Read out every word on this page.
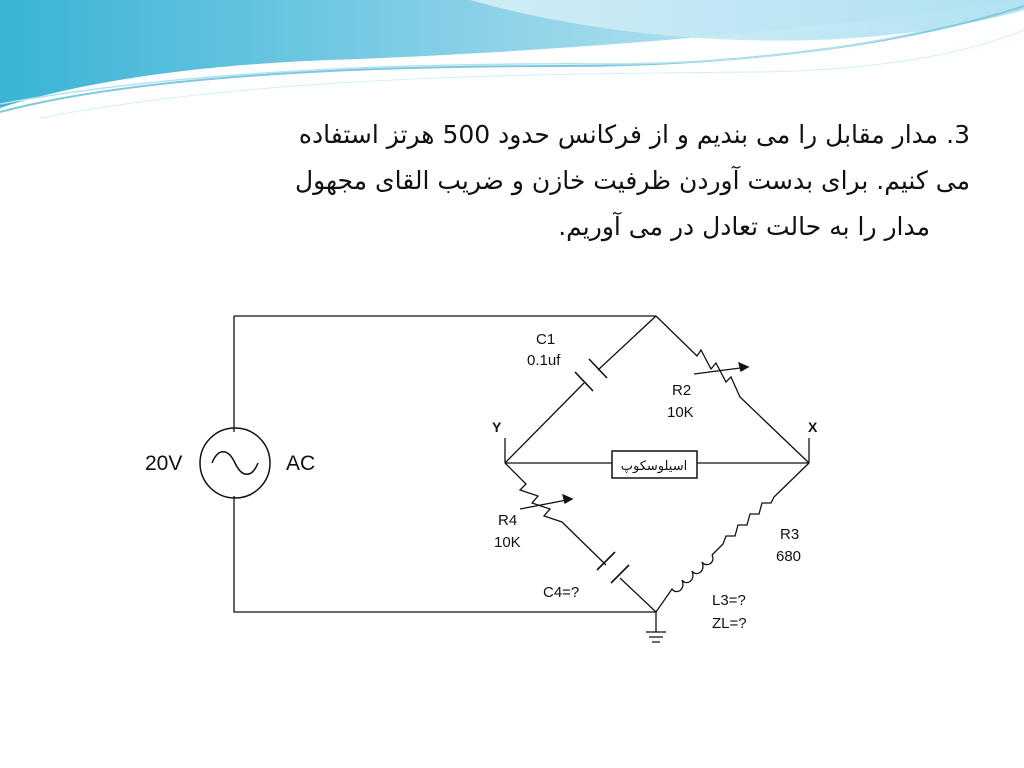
3. مدار مقابل را می بندیم و از فرکانس حدود 500 هرتز استفاده
می کنیم. برای بدست آوردن ظرفیت خازن و ضریب القای مجهول
مدار را به حالت تعادل در می آوریم.
20V	AC
C1
0.1uf
R2
10K
Y	X
اسیلوسکوپ
R4
10K
C4=?
R3
680
L3=?
ZL=?
